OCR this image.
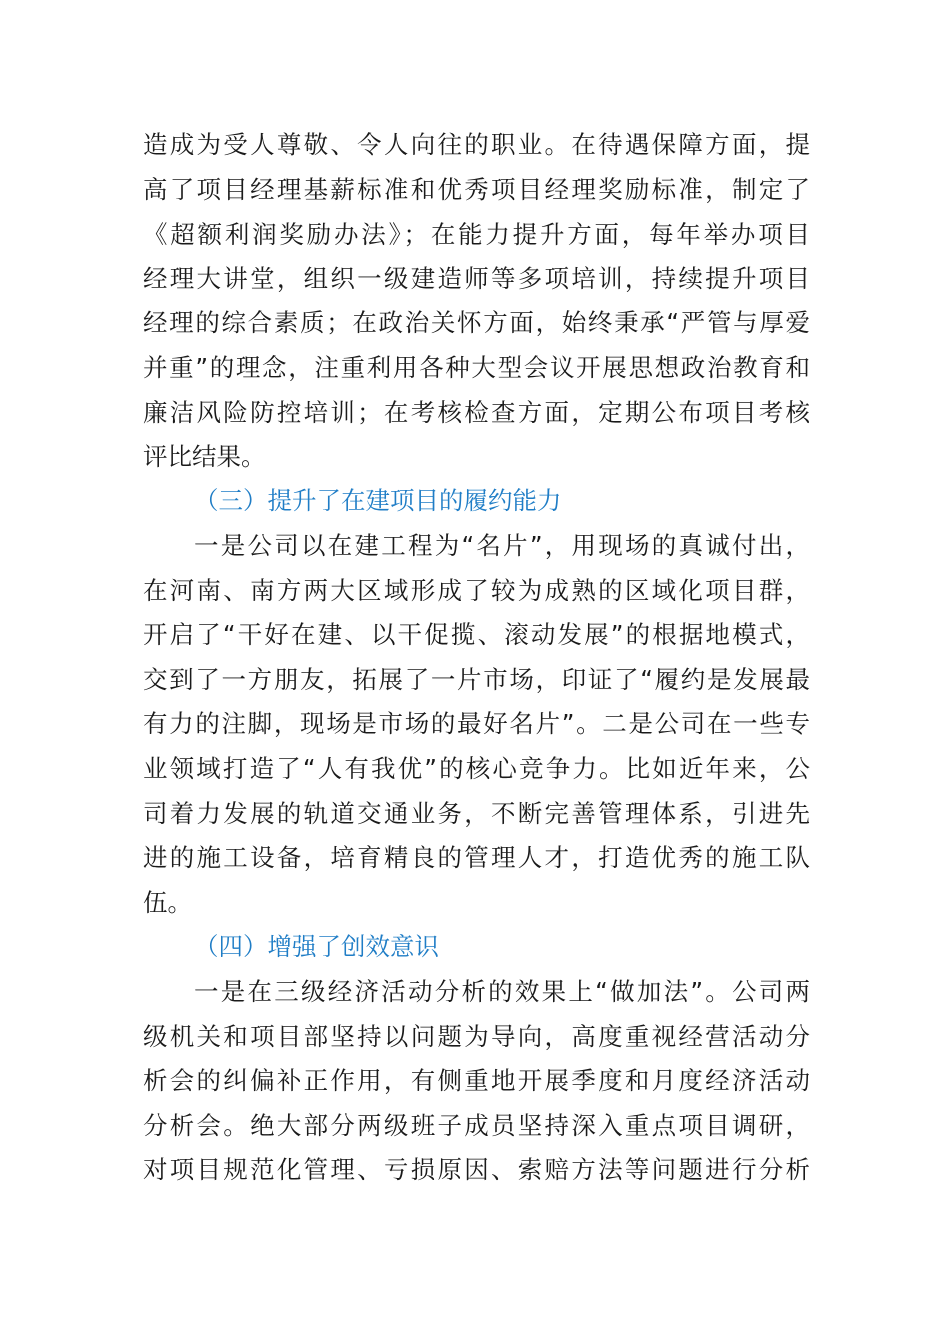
造成为受人尊敬、令人向往的职业。在待遇保障方面，提
高了项目经理基薪标准和优秀项目经理奖励标准，制定了
《超额利润奖励办法》；在能力提升方面，每年举办项目
经理大讲堂，组织一级建造师等多项培训，持续提升项目
经理的综合素质；在政治关怀方面，始终秉承“严管与厚爱
并重”的理念，注重利用各种大型会议开展思想政治教育和
廉洁风险防控培训；在考核检查方面，定期公布项目考核
评比结果。
（三）提升了在建项目的履约能力
一是公司以在建工程为“名片”，用现场的真诚付出，
在河南、南方两大区域形成了较为成熟的区域化项目群，
开启了“干好在建、以干促揽、滚动发展”的根据地模式，
交到了一方朋友，拓展了一片市场，印证了“履约是发展最
有力的注脚，现场是市场的最好名片”。二是公司在一些专
业领域打造了“人有我优”的核心竞争力。比如近年来，公
司着力发展的轨道交通业务，不断完善管理体系，引进先
进的施工设备，培育精良的管理人才，打造优秀的施工队
伍。
（四）增强了创效意识
一是在三级经济活动分析的效果上“做加法”。公司两
级机关和项目部坚持以问题为导向，高度重视经营活动分
析会的纠偏补正作用，有侧重地开展季度和月度经济活动
分析会。绝大部分两级班子成员坚持深入重点项目调研，
对项目规范化管理、亏损原因、索赔方法等问题进行分析
